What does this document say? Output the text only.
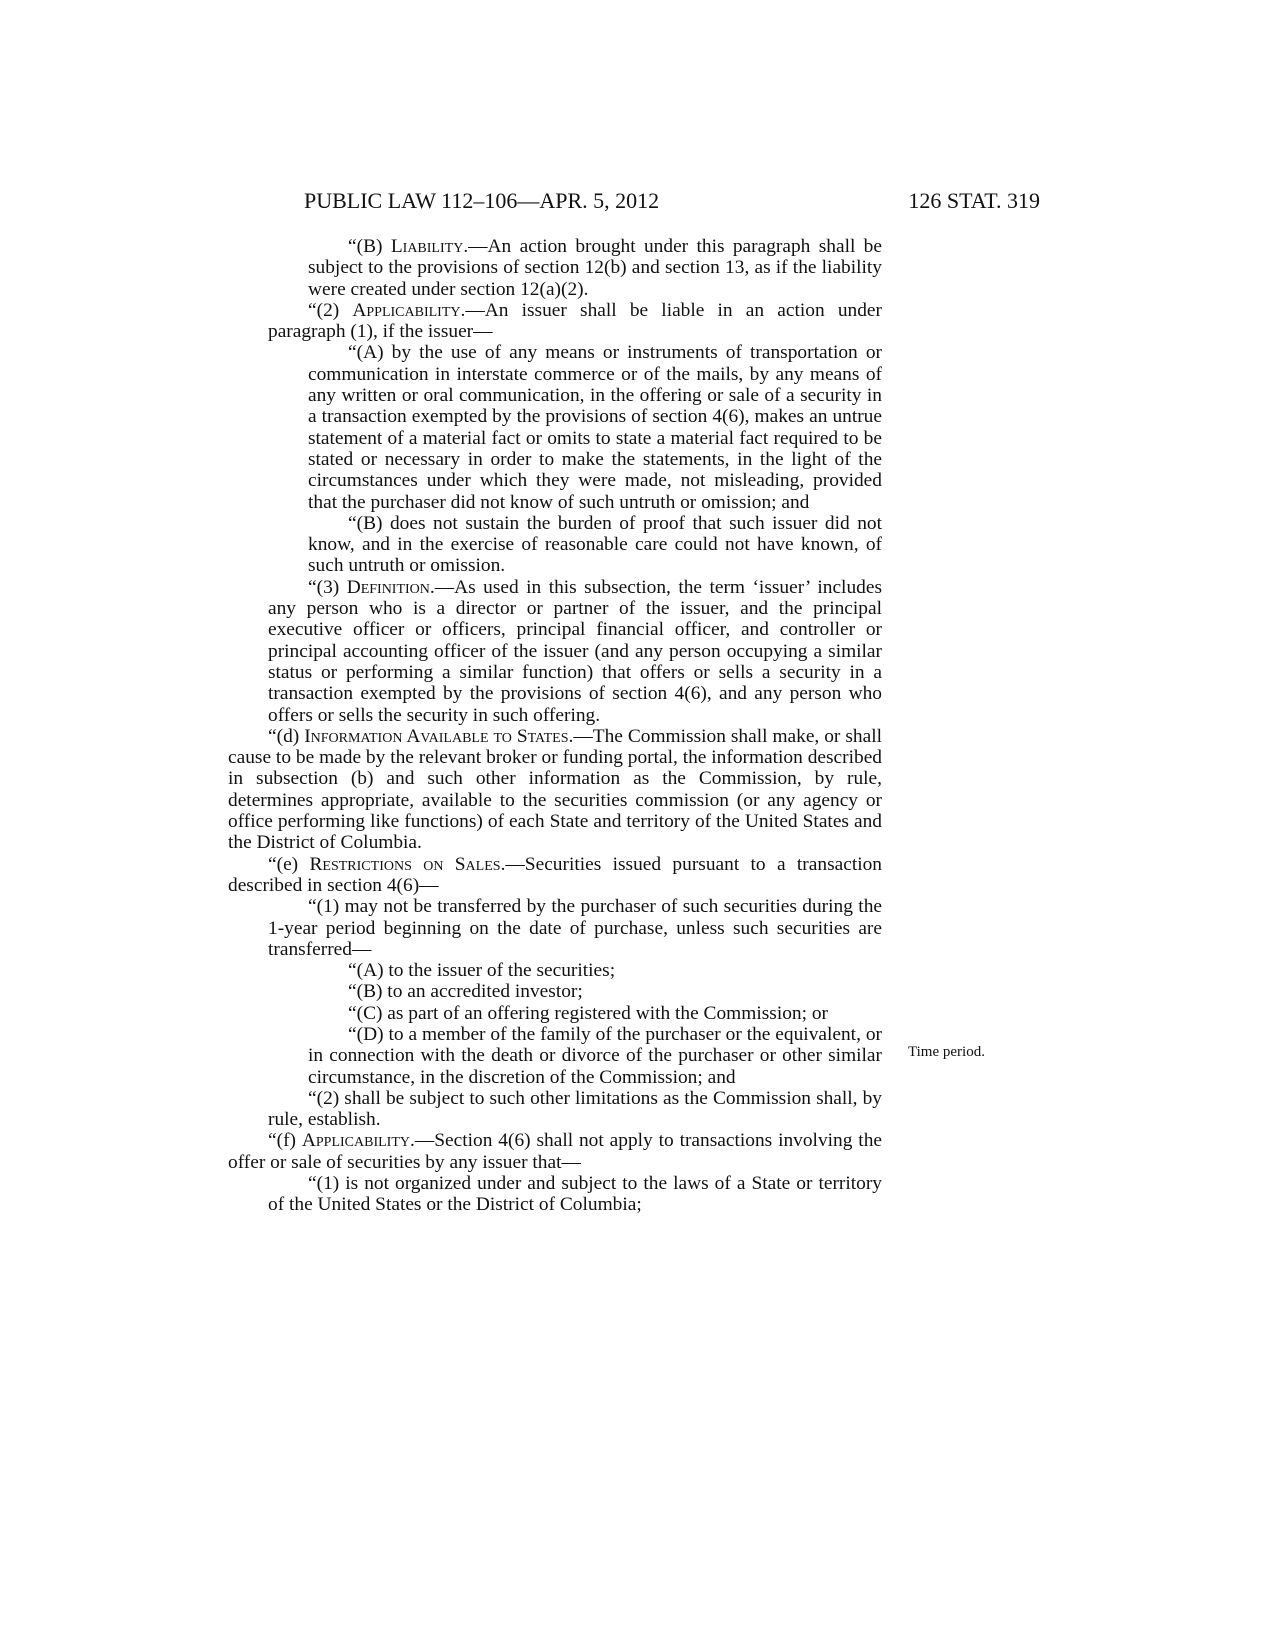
PUBLIC LAW 112–106—APR. 5, 2012	126 STAT. 319

“(B) Liability.—An action brought under this paragraph shall be subject to the provisions of section 12(b) and section 13, as if the liability were created under section 12(a)(2).

“(2) Applicability.—An issuer shall be liable in an action under paragraph (1), if the issuer—

“(A) by the use of any means or instruments of transportation or communication in interstate commerce or of the mails, by any means of any written or oral communication, in the offering or sale of a security in a transaction exempted by the provisions of section 4(6), makes an untrue statement of a material fact or omits to state a material fact required to be stated or necessary in order to make the statements, in the light of the circumstances under which they were made, not misleading, provided that the purchaser did not know of such untruth or omission; and

“(B) does not sustain the burden of proof that such issuer did not know, and in the exercise of reasonable care could not have known, of such untruth or omission.

“(3) Definition.—As used in this subsection, the term ‘issuer’ includes any person who is a director or partner of the issuer, and the principal executive officer or officers, principal financial officer, and controller or principal accounting officer of the issuer (and any person occupying a similar status or performing a similar function) that offers or sells a security in a transaction exempted by the provisions of section 4(6), and any person who offers or sells the security in such offering.

“(d) Information Available to States.—The Commission shall make, or shall cause to be made by the relevant broker or funding portal, the information described in subsection (b) and such other information as the Commission, by rule, determines appropriate, available to the securities commission (or any agency or office performing like functions) of each State and territory of the United States and the District of Columbia.

“(e) Restrictions on Sales.—Securities issued pursuant to a transaction described in section 4(6)—

“(1) may not be transferred by the purchaser of such securities during the 1-year period beginning on the date of purchase, unless such securities are transferred—

“(A) to the issuer of the securities;

“(B) to an accredited investor;

“(C) as part of an offering registered with the Commission; or

“(D) to a member of the family of the purchaser or the equivalent, or in connection with the death or divorce of the purchaser or other similar circumstance, in the discretion of the Commission; and

“(2) shall be subject to such other limitations as the Commission shall, by rule, establish.

“(f) Applicability.—Section 4(6) shall not apply to transactions involving the offer or sale of securities by any issuer that—

“(1) is not organized under and subject to the laws of a State or territory of the United States or the District of Columbia;

Time period.
